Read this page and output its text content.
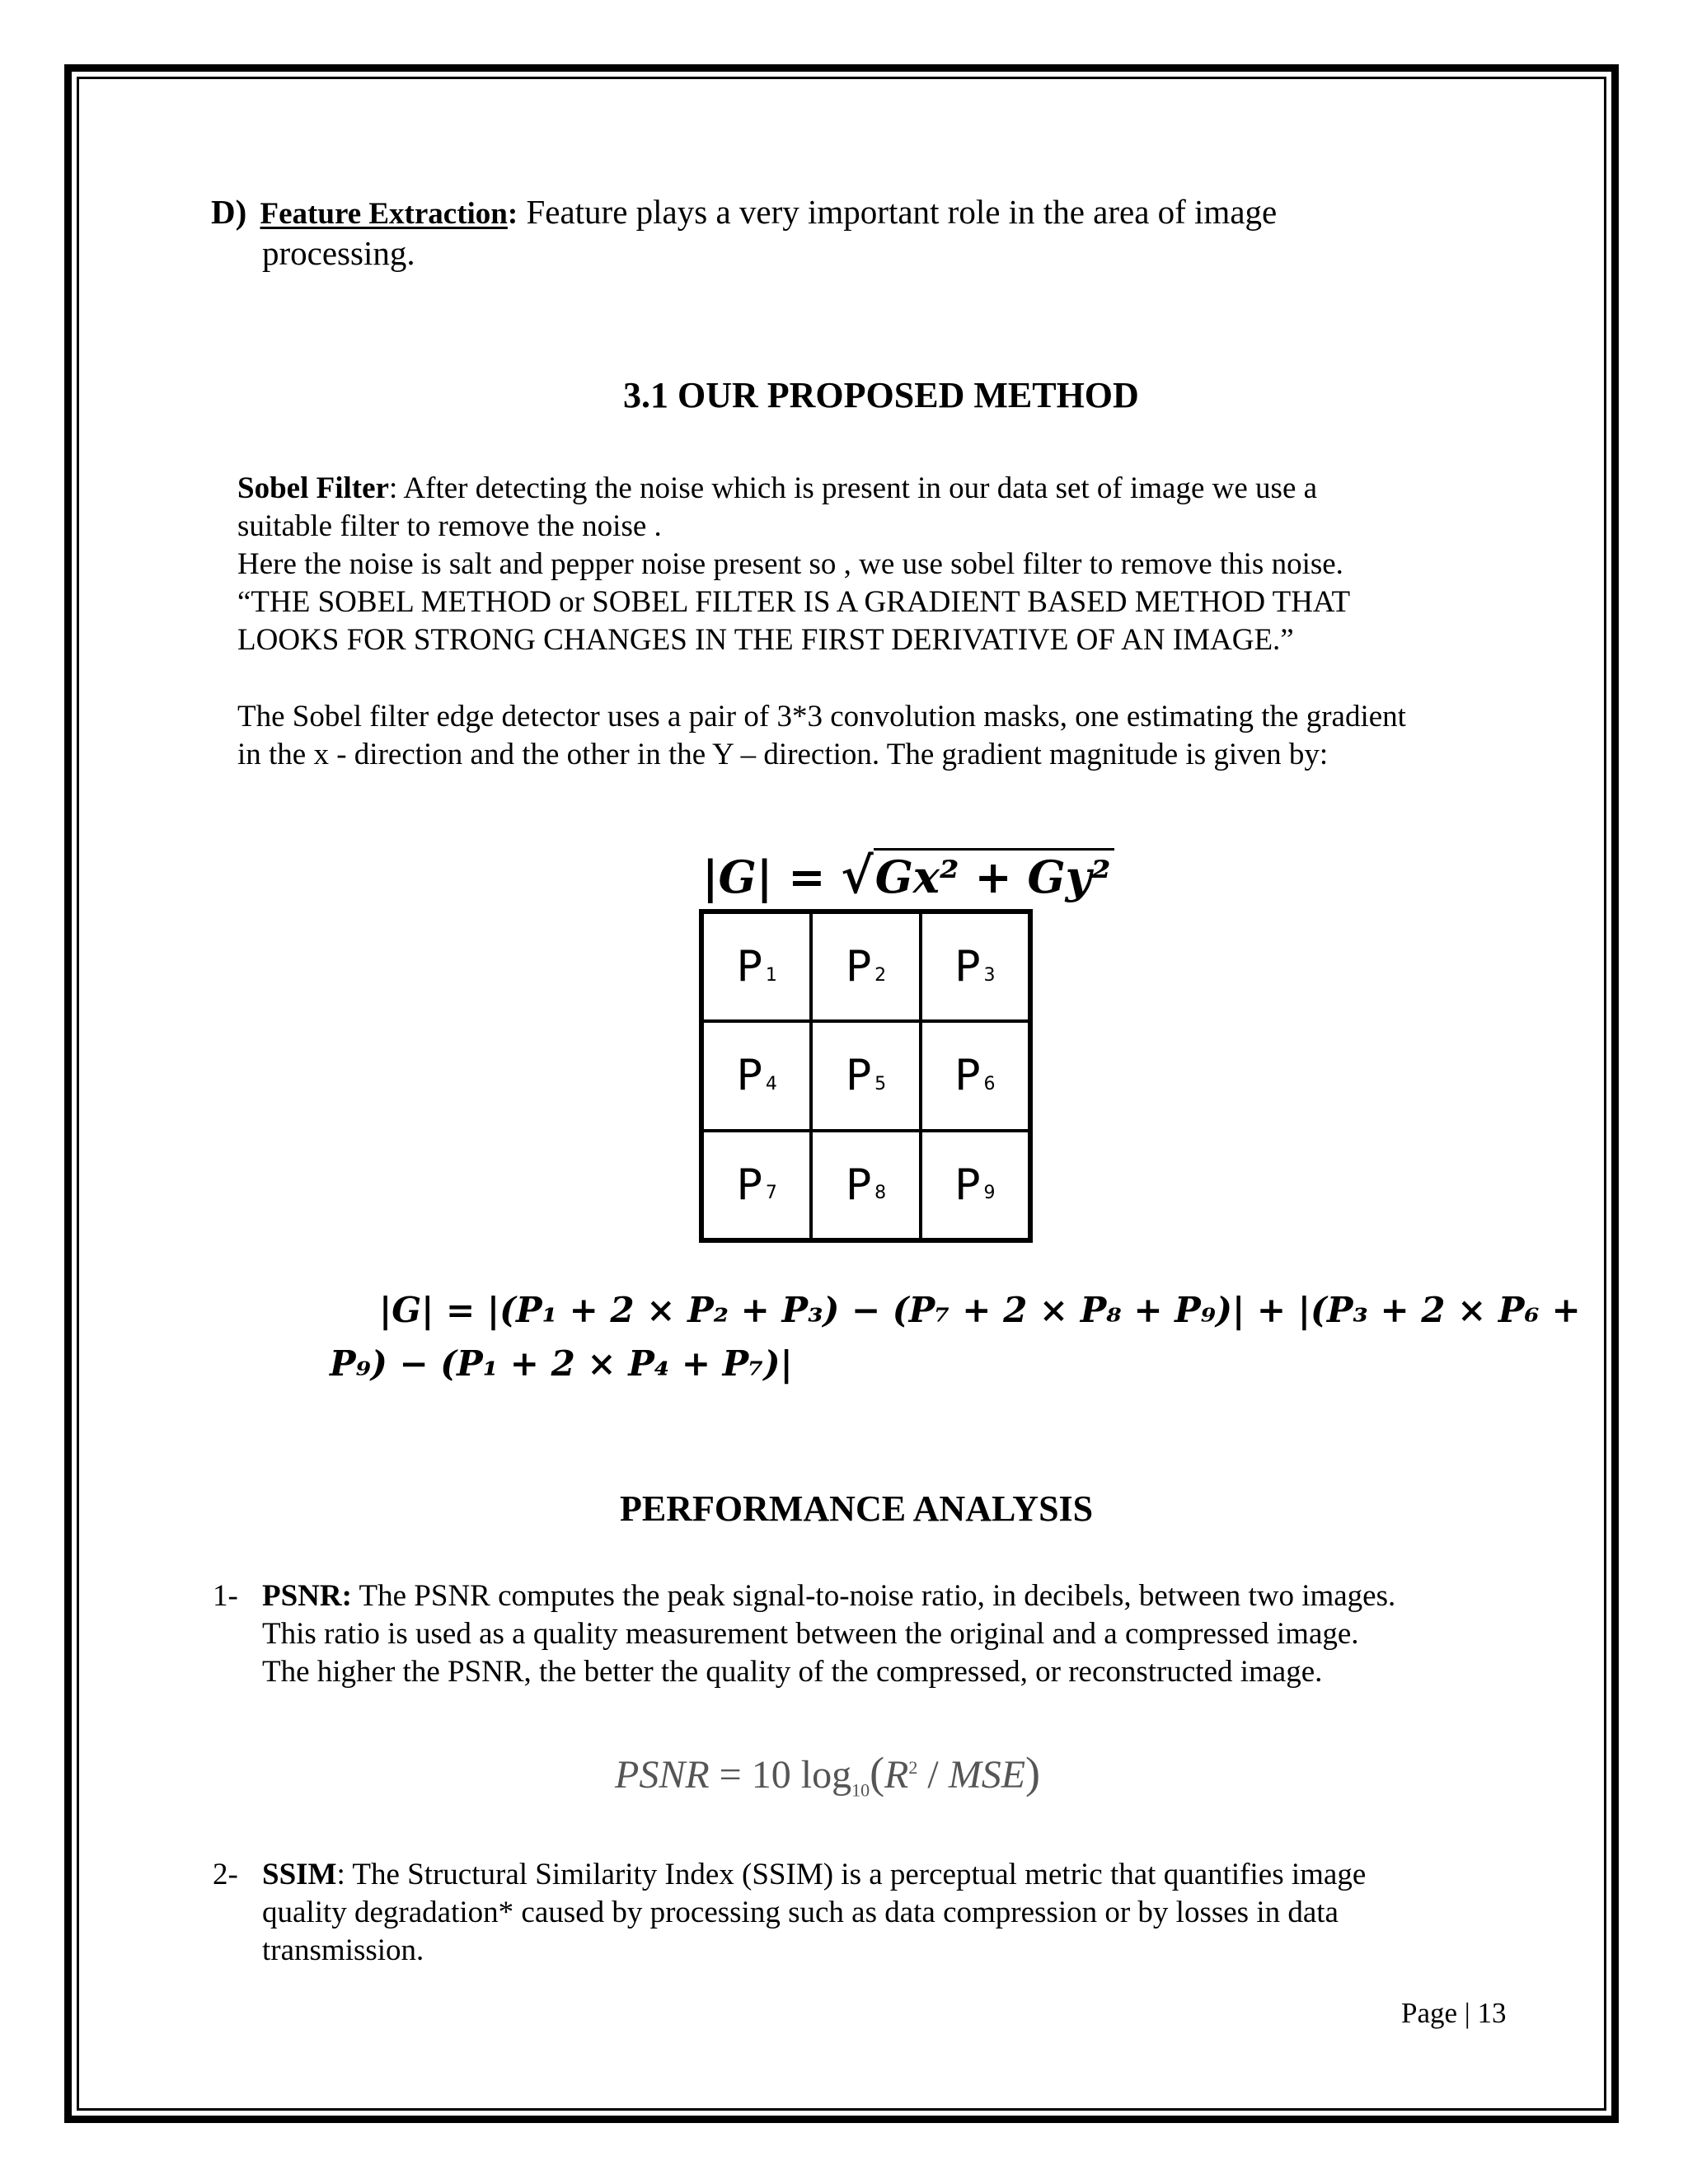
D) Feature Extraction: Feature plays a very important role in the area of image
processing.
3.1 OUR PROPOSED METHOD
Sobel Filter: After detecting the noise which is present in our data set of image we use a
suitable filter to remove the noise .
Here the noise is salt and pepper noise present so , we use sobel filter to remove this noise.
“THE SOBEL METHOD or SOBEL FILTER IS A GRADIENT BASED METHOD THAT
LOOKS FOR STRONG CHANGES IN THE FIRST DERIVATIVE OF AN IMAGE.”
The Sobel filter edge detector uses a pair of 3*3 convolution masks, one estimating the gradient
in the x - direction and the other in the Y – direction. The gradient magnitude is given by:
|G| = √Gx² + Gy²
P 1 P 2 P 3
P 4 P 5 P 6
P 7 P 8 P 9
|G| = |(P₁ + 2 × P₂ + P₃) − (P₇ + 2 × P₈ + P₉)| + |(P₃ + 2 × P₆ +
P₉) − (P₁ + 2 × P₄ + P₇)|
PERFORMANCE ANALYSIS
1- PSNR: The PSNR computes the peak signal-to-noise ratio, in decibels, between two images.
This ratio is used as a quality measurement between the original and a compressed image.
The higher the PSNR, the better the quality of the compressed, or reconstructed image.
PSNR = 10 $\log_{10}(R^2 / MSE)$
2- SSIM: The Structural Similarity Index (SSIM) is a perceptual metric that quantifies image
quality degradation* caused by processing such as data compression or by losses in data
transmission.
Page | 13
